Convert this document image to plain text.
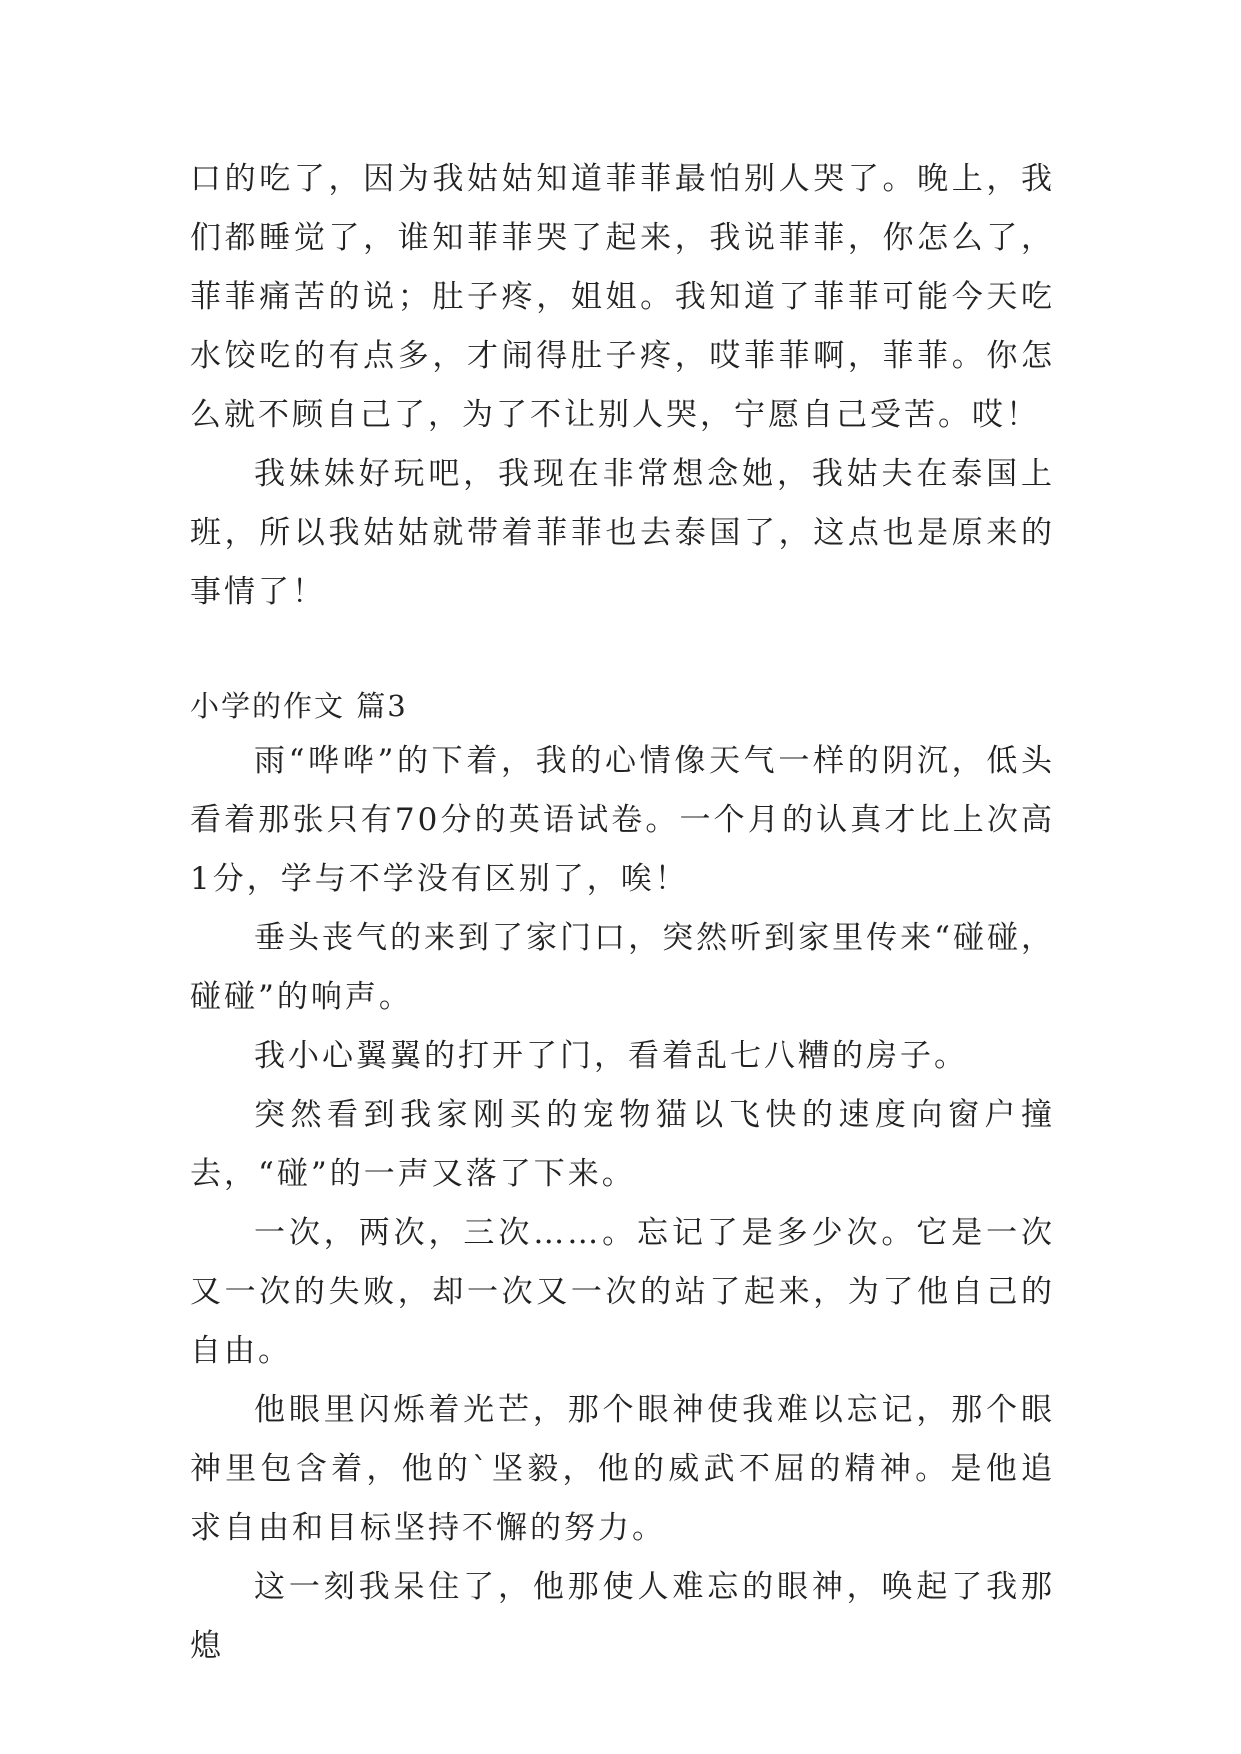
口的吃了，因为我姑姑知道菲菲最怕别人哭了。晚上，我们都睡觉了，谁知菲菲哭了起来，我说菲菲，你怎么了，菲菲痛苦的说；肚子疼，姐姐。我知道了菲菲可能今天吃水饺吃的有点多，才闹得肚子疼，哎菲菲啊，菲菲。你怎么就不顾自己了，为了不让别人哭，宁愿自己受苦。哎！

我妹妹好玩吧，我现在非常想念她，我姑夫在泰国上班，所以我姑姑就带着菲菲也去泰国了，这点也是原来的事情了！

小学的作文 篇3

雨“哗哗”的下着，我的心情像天气一样的阴沉，低头看着那张只有70分的英语试卷。一个月的认真才比上次高1分，学与不学没有区别了，唉！

垂头丧气的来到了家门口，突然听到家里传来“碰碰，碰碰”的响声。

我小心翼翼的打开了门，看着乱七八糟的房子。

突然看到我家刚买的宠物猫以飞快的速度向窗户撞去，“碰”的一声又落了下来。

一次，两次，三次……。忘记了是多少次。它是一次又一次的失败，却一次又一次的站了起来，为了他自己的自由。

他眼里闪烁着光芒，那个眼神使我难以忘记，那个眼神里包含着，他的`坚毅，他的威武不屈的精神。是他追求自由和目标坚持不懈的努力。

这一刻我呆住了，他那使人难忘的眼神，唤起了我那熄
